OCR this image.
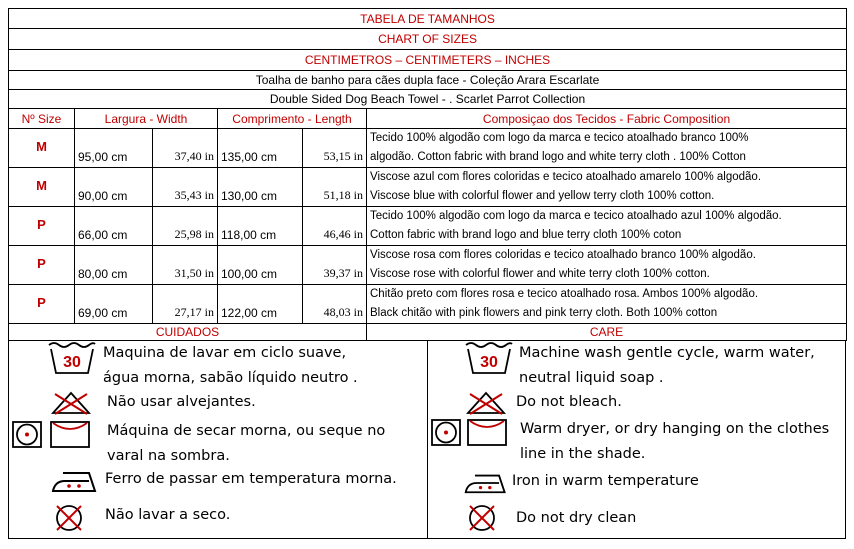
TABELA DE TAMANHOS					
CHART OF SIZES					
CENTIMETROS – CENTIMETERS – INCHES					
Toalha de banho para cães dupla face - Coleção Arara Escarlate					
Double Sided Dog Beach Towel - . Scarlet Parrot Collection					
Nº Size	Largura - Width		Comprimento - Length		Composiçao dos Tecidos - Fabric Composition
M	95,00 cm	37,40 in	135,00 cm	53,15 in	Tecido 100% algodão com logo da marca e tecico atoalhado branco 100%
algodão. Cotton fabric with brand logo and white terry cloth . 100% Cotton

M	90,00 cm	35,43 in	130,00 cm	51,18 in	Viscose azul com flores coloridas e tecico atoalhado amarelo 100% algodão.
Viscose blue with colorful flower and yellow terry cloth 100% cotton.

P	66,00 cm	25,98 in	118,00 cm	46,46 in	Tecido 100% algodão com logo da marca e tecico atoalhado azul 100% algodão.
Cotton fabric with brand logo and blue terry cloth 100% coton

P	80,00 cm	31,50 in	100,00 cm	39,37 in	Viscose rosa com flores coloridas e tecico atoalhado branco 100% algodão.
Viscose rose with colorful flower and white terry cloth 100% cotton.

P	69,00 cm	27,17 in	122,00 cm	48,03 in	Chitão preto com flores rosa e tecico atoalhado rosa. Ambos 100% algodão.
Black chitão with pink flowers and pink terry cloth. Both 100% cotton

CUIDADOS					CARE
30
Maquina de lavar em ciclo suave,
água morna, sabão líquido neutro .
Não usar alvejantes.
Máquina de secar morna, ou seque no
varal na sombra.
Ferro de passar em temperatura morna.
Não lavar a seco.
30
Machine wash gentle cycle, warm water,
neutral liquid soap .
Do not bleach.
Warm dryer, or dry hanging on the clothes
line in the shade.
Iron in warm temperature
Do not dry clean
